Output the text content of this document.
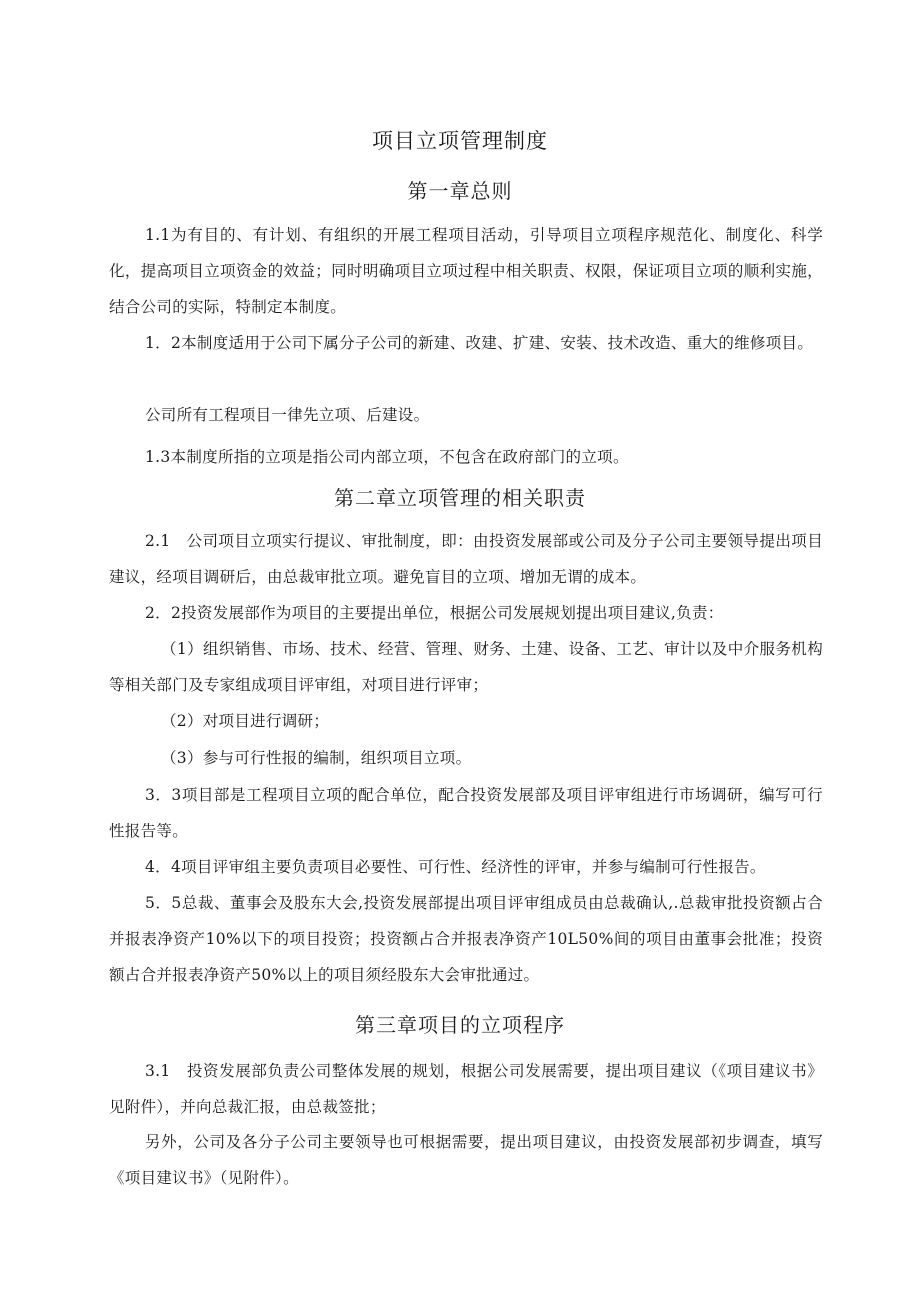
项目立项管理制度
第一章总则

1.1为有目的、有计划、有组织的开展工程项目活动，引导项目立项程序规范化、制度化、科学化，提高项目立项资金的效益；同时明确项目立项过程中相关职责、权限，保证项目立项的顺利实施，结合公司的实际，特制定本制度。

1．2本制度适用于公司下属分子公司的新建、改建、扩建、安装、技术改造、重大的维修项目。

公司所有工程项目一律先立项、后建设。

1.3本制度所指的立项是指公司内部立项，不包含在政府部门的立项。

第二章立项管理的相关职责

2.1　公司项目立项实行提议、审批制度，即：由投资发展部或公司及分子公司主要领导提出项目建议，经项目调研后，由总裁审批立项。避免盲目的立项、增加无谓的成本。

2．2投资发展部作为项目的主要提出单位，根据公司发展规划提出项目建议,负责：

（1）组织销售、市场、技术、经营、管理、财务、土建、设备、工艺、审计以及中介服务机构等相关部门及专家组成项目评审组，对项目进行评审；

（2）对项目进行调研；

（3）参与可行性报的编制，组织项目立项。

3．3项目部是工程项目立项的配合单位，配合投资发展部及项目评审组进行市场调研，编写可行性报告等。

4．4项目评审组主要负责项目必要性、可行性、经济性的评审，并参与编制可行性报告。

5．5总裁、董事会及股东大会,投资发展部提出项目评审组成员由总裁确认,.总裁审批投资额占合并报表净资产10%以下的项目投资；投资额占合并报表净资产10L50%间的项目由董事会批准；投资额占合并报表净资产50%以上的项目须经股东大会审批通过。

第三章项目的立项程序

3.1　投资发展部负责公司整体发展的规划，根据公司发展需要，提出项目建议（《项目建议书》见附件），并向总裁汇报，由总裁签批；

另外，公司及各分子公司主要领导也可根据需要，提出项目建议，由投资发展部初步调查，填写《项目建议书》（见附件）。
